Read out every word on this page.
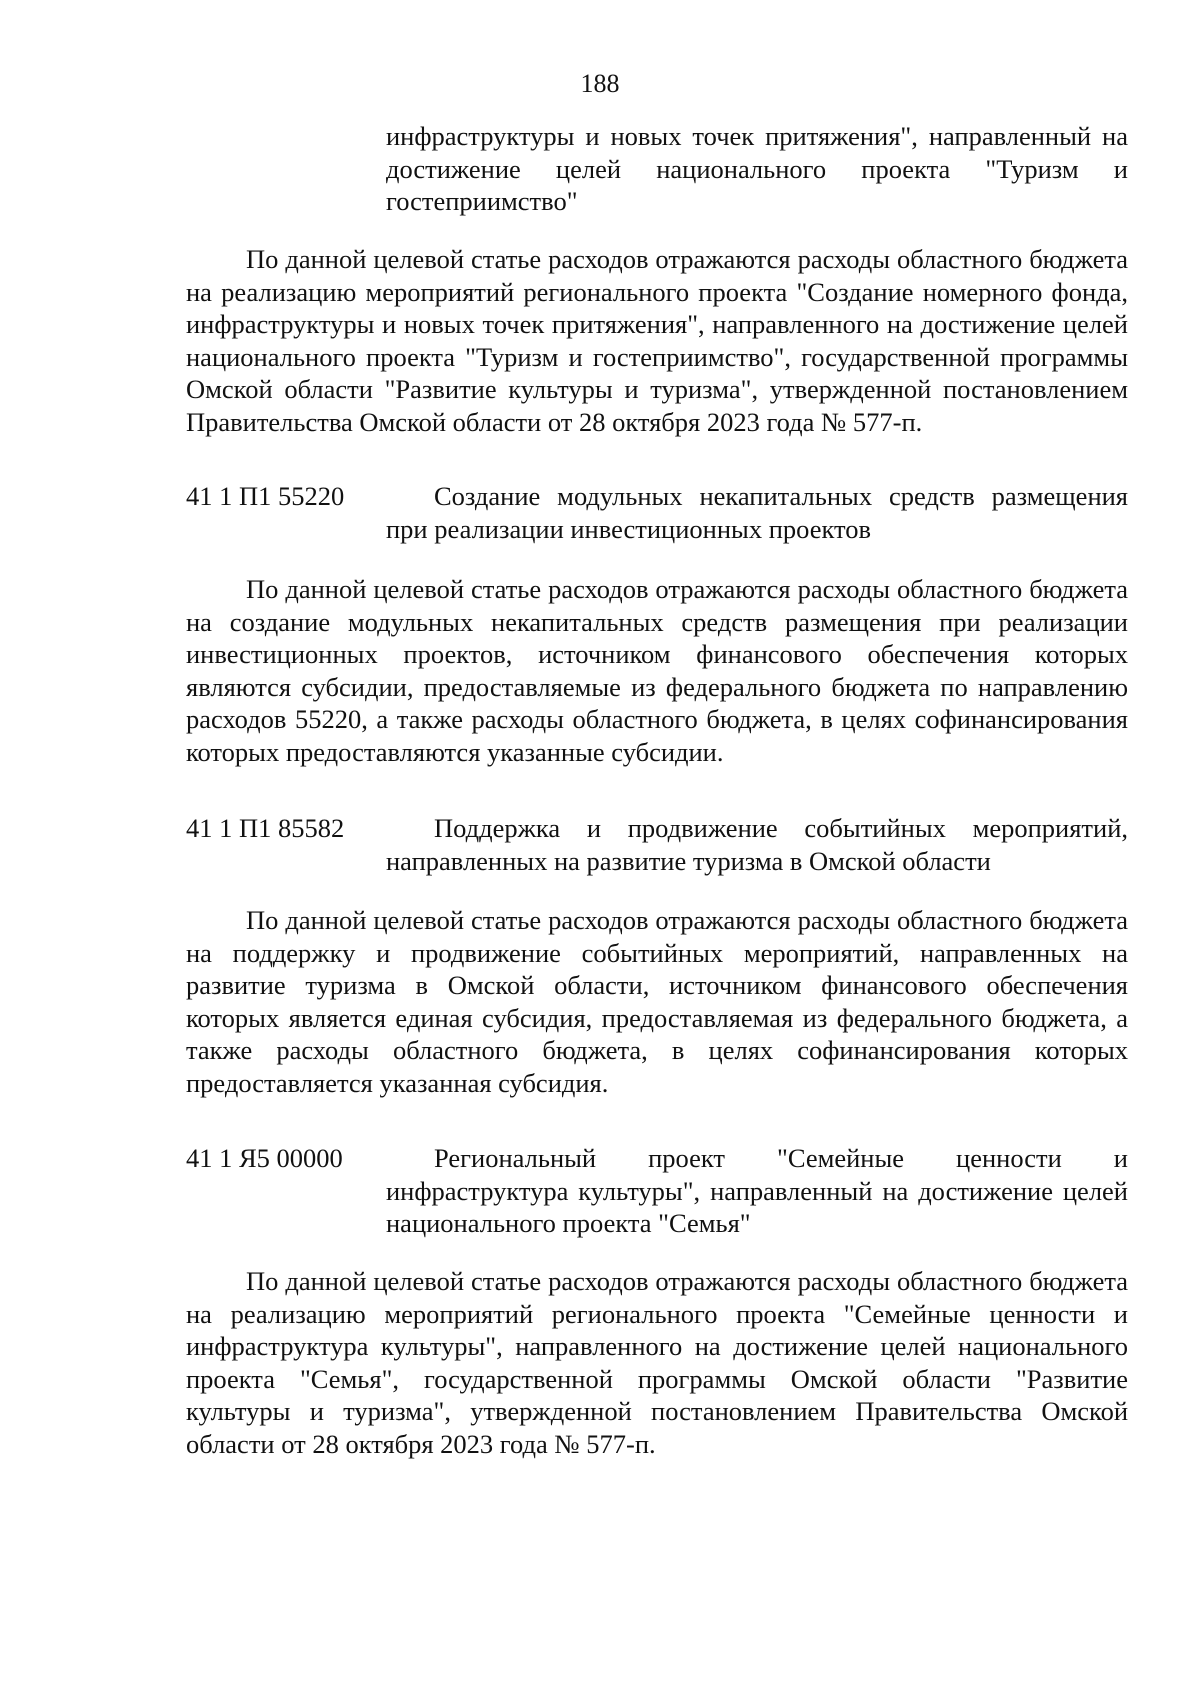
188
инфраструктуры и новых точек притяжения", направленный на достижение целей национального проекта "Туризм и гостеприимство"
По данной целевой статье расходов отражаются расходы областного бюджета на реализацию мероприятий регионального проекта "Создание номерного фонда, инфраструктуры и новых точек притяжения", направленного на достижение целей национального проекта "Туризм и гостеприимство", государственной программы Омской области "Развитие культуры и туризма", утвержденной постановлением Правительства Омской области от 28 октября 2023 года № 577-п.
41 1 П1 55220	Создание модульных некапитальных средств размещения при реализации инвестиционных проектов
По данной целевой статье расходов отражаются расходы областного бюджета на создание модульных некапитальных средств размещения при реализации инвестиционных проектов, источником финансового обеспечения которых являются субсидии, предоставляемые из федерального бюджета по направлению расходов 55220, а также расходы областного бюджета, в целях софинансирования которых предоставляются указанные субсидии.
41 1 П1 85582	Поддержка и продвижение событийных мероприятий, направленных на развитие туризма в Омской области
По данной целевой статье расходов отражаются расходы областного бюджета на поддержку и продвижение событийных мероприятий, направленных на развитие туризма в Омской области, источником финансового обеспечения которых является единая субсидия, предоставляемая из федерального бюджета, а также расходы областного бюджета, в целях софинансирования которых предоставляется указанная субсидия.
41 1 Я5 00000	Региональный проект "Семейные ценности и инфраструктура культуры", направленный на достижение целей национального проекта "Семья"
По данной целевой статье расходов отражаются расходы областного бюджета на реализацию мероприятий регионального проекта "Семейные ценности и инфраструктура культуры", направленного на достижение целей национального проекта "Семья", государственной программы Омской области "Развитие культуры и туризма", утвержденной постановлением Правительства Омской области от 28 октября 2023 года № 577-п.
